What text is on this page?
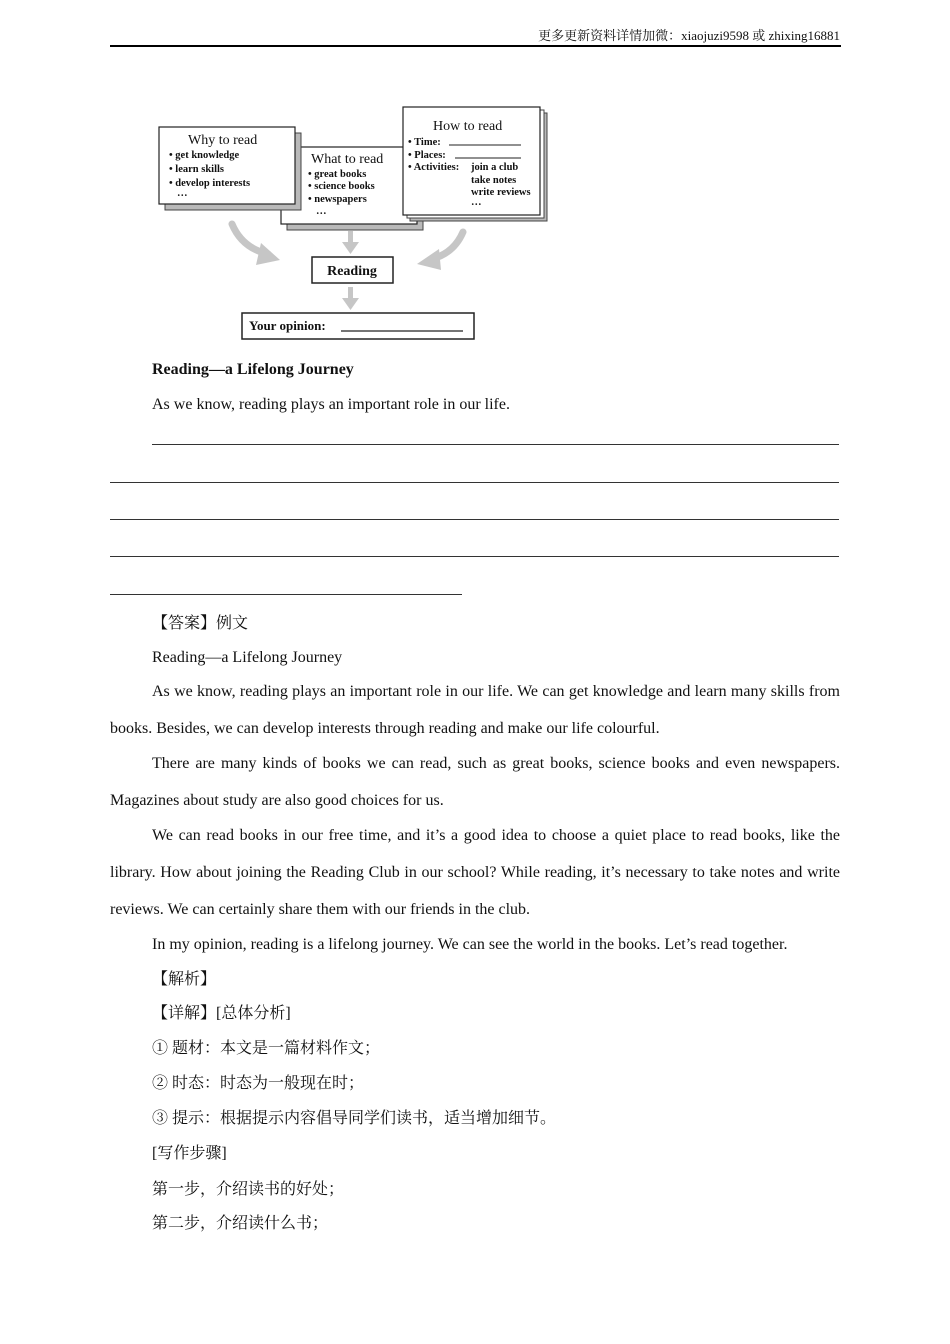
更多更新资料详情加微：xiaojuzi9598 或 zhixing16881
What to read
• great books
• science books
• newspapers
…
Why to read
• get knowledge
• learn skills
• develop interests
…
How to read
• Time:
• Places:
• Activities: join a club
take notes
write reviews
…
Reading
Your opinion:
Reading—a Lifelong Journey
As we know, reading plays an important role in our life.
【答案】例文
Reading—a Lifelong Journey
As we know, reading plays an important role in our life. We can get knowledge and learn many skills from books. Besides, we can develop interests through reading and make our life colourful.
There are many kinds of books we can read, such as great books, science books and even newspapers. Magazines about study are also good choices for us.
We can read books in our free time, and it’s a good idea to choose a quiet place to read books, like the library. How about joining the Reading Club in our school? While reading, it’s necessary to take notes and write reviews. We can certainly share them with our friends in the club.
In my opinion, reading is a lifelong journey. We can see the world in the books. Let’s read together.
【解析】
【详解】[总体分析]
① 题材：本文是一篇材料作文；
② 时态：时态为一般现在时；
③ 提示：根据提示内容倡导同学们读书，适当增加细节。
[写作步骤]
第一步，介绍读书的好处；
第二步，介绍读什么书；
